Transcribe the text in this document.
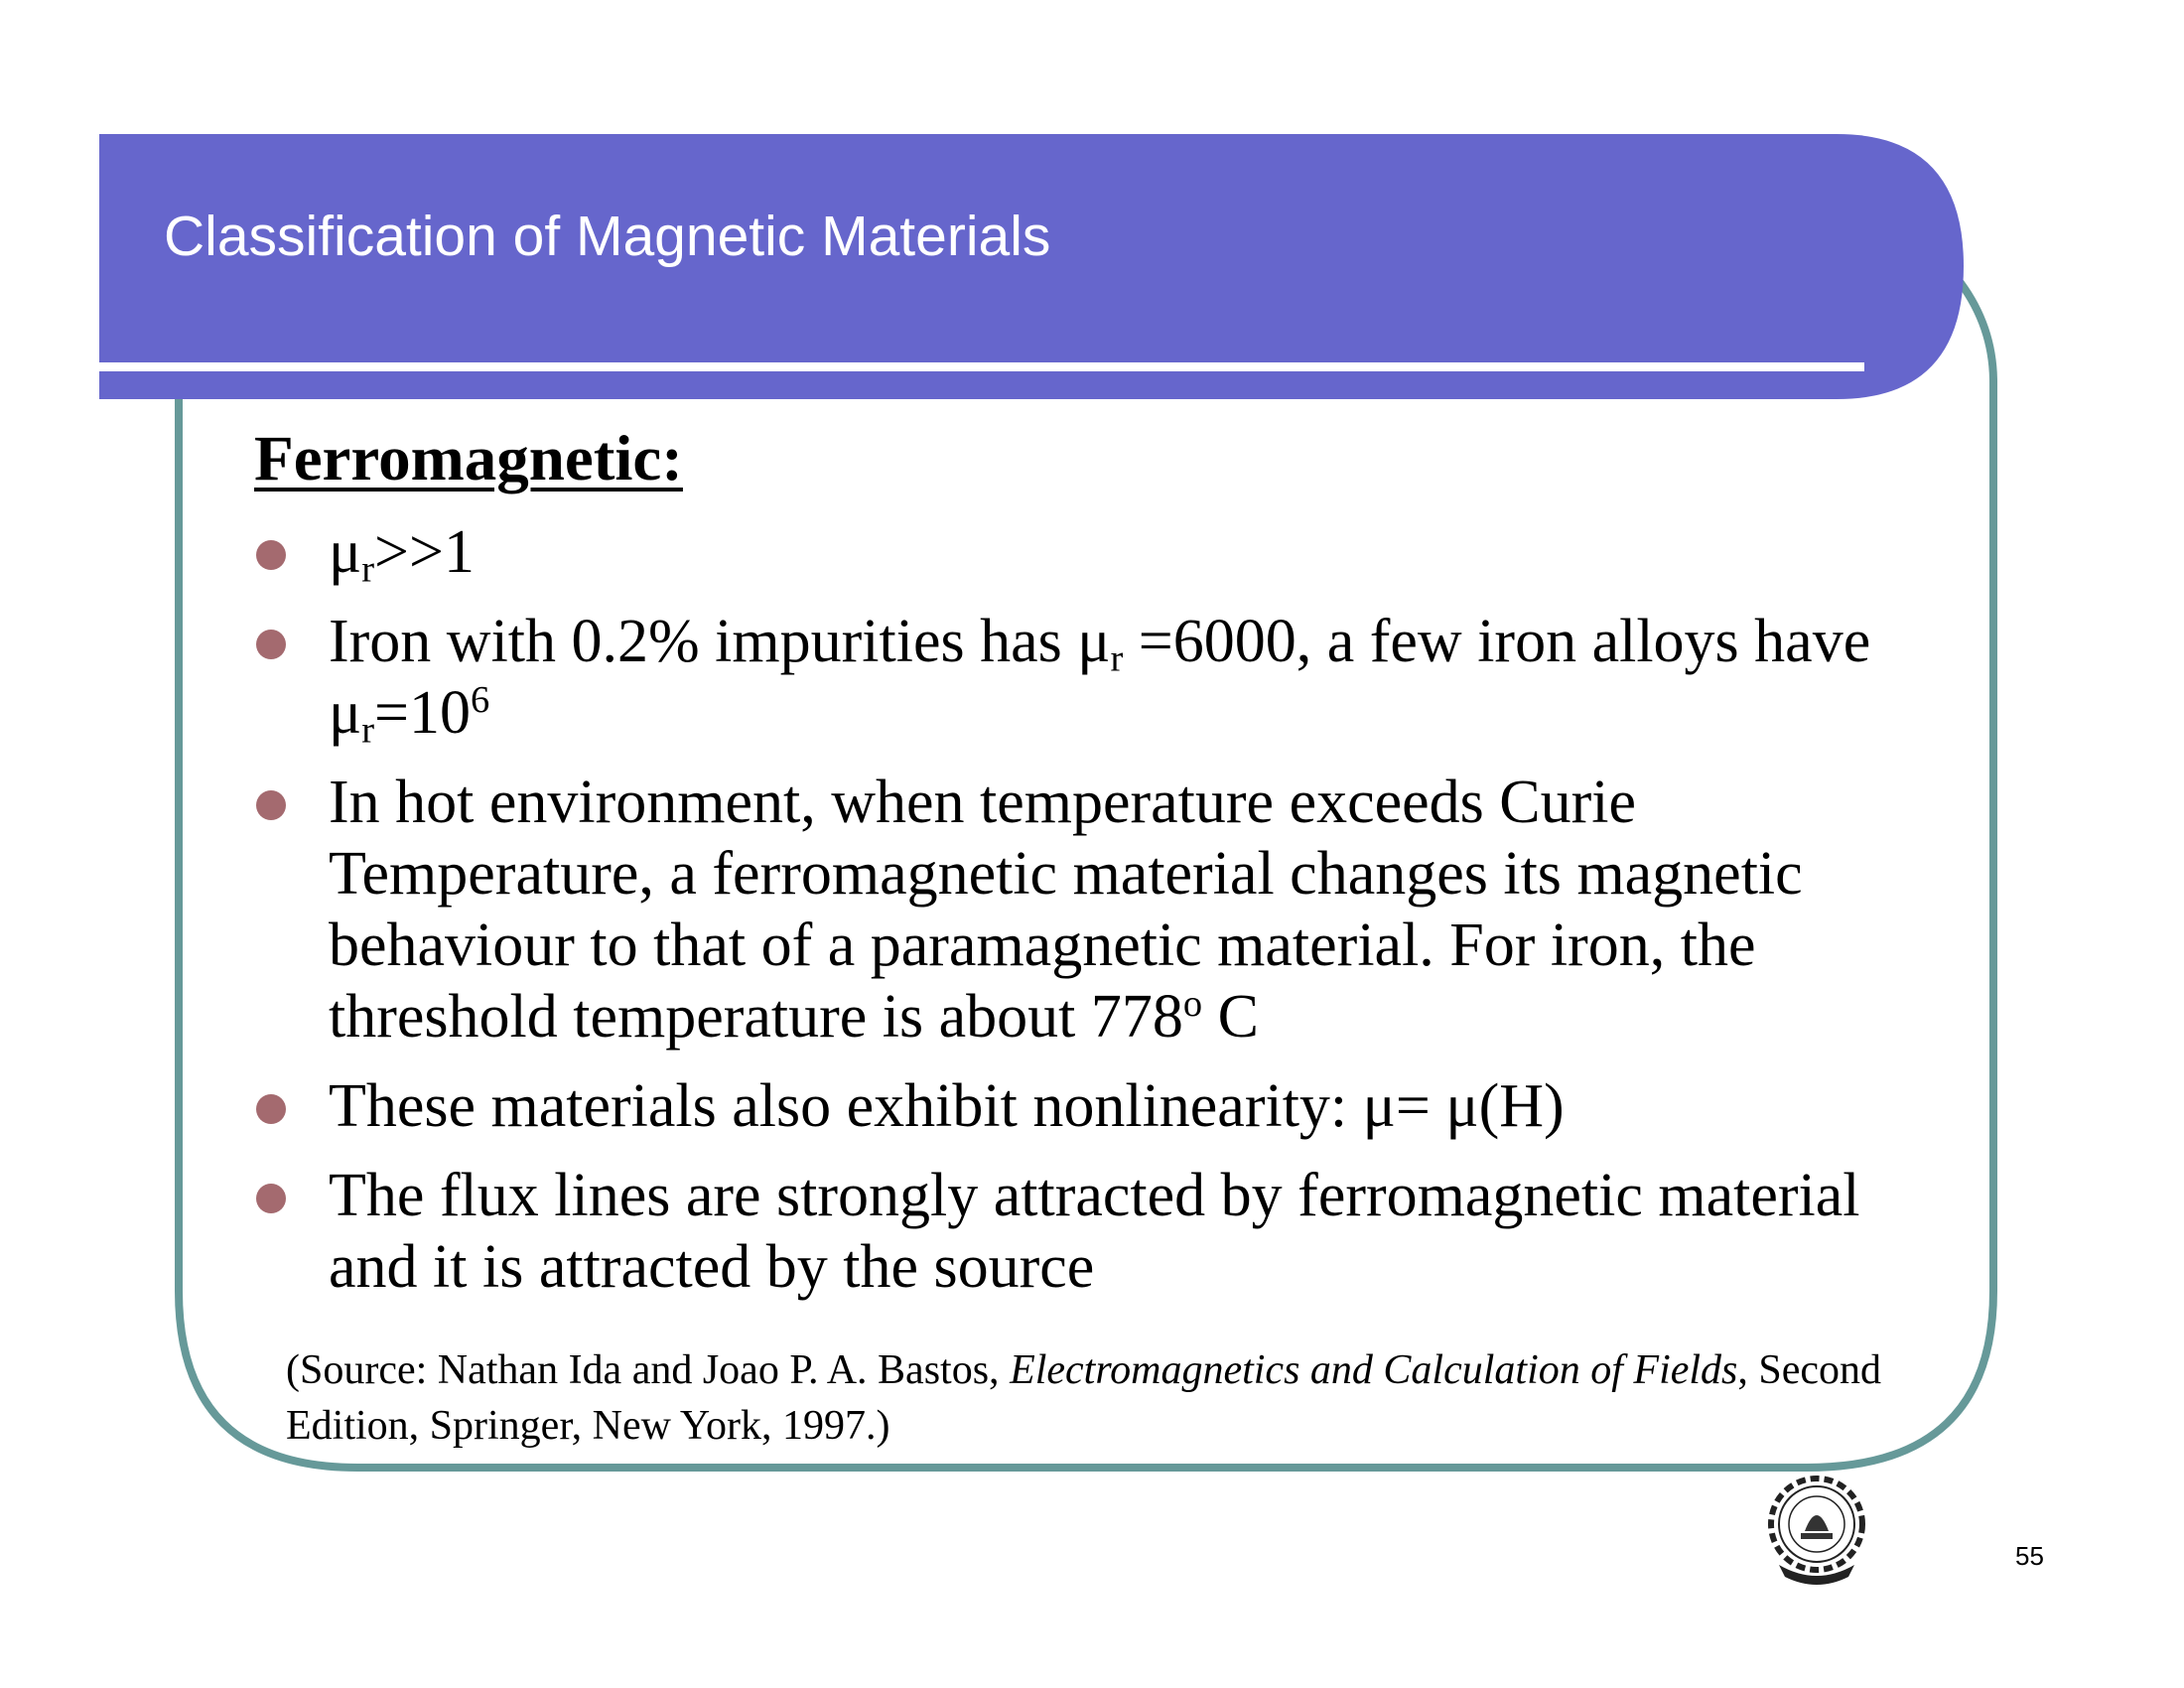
Classification of Magnetic Materials
Ferromagnetic:
$\mu_r>>1$
Iron with 0.2% impurities has $\mu_r =6000$, a few iron alloys have $\mu_r=10^6$
In hot environment, when temperature exceeds Curie Temperature, a ferromagnetic material changes its magnetic behaviour to that of a paramagnetic material. For iron, the threshold temperature is about 778$^o$ C
These materials also exhibit nonlinearity: μ= μ(H)
The flux lines are strongly attracted by ferromagnetic material and it is attracted by the source
(Source: Nathan Ida and Joao P. A. Bastos, Electromagnetics and Calculation of Fields, Second Edition, Springer, New York, 1997.)
55
